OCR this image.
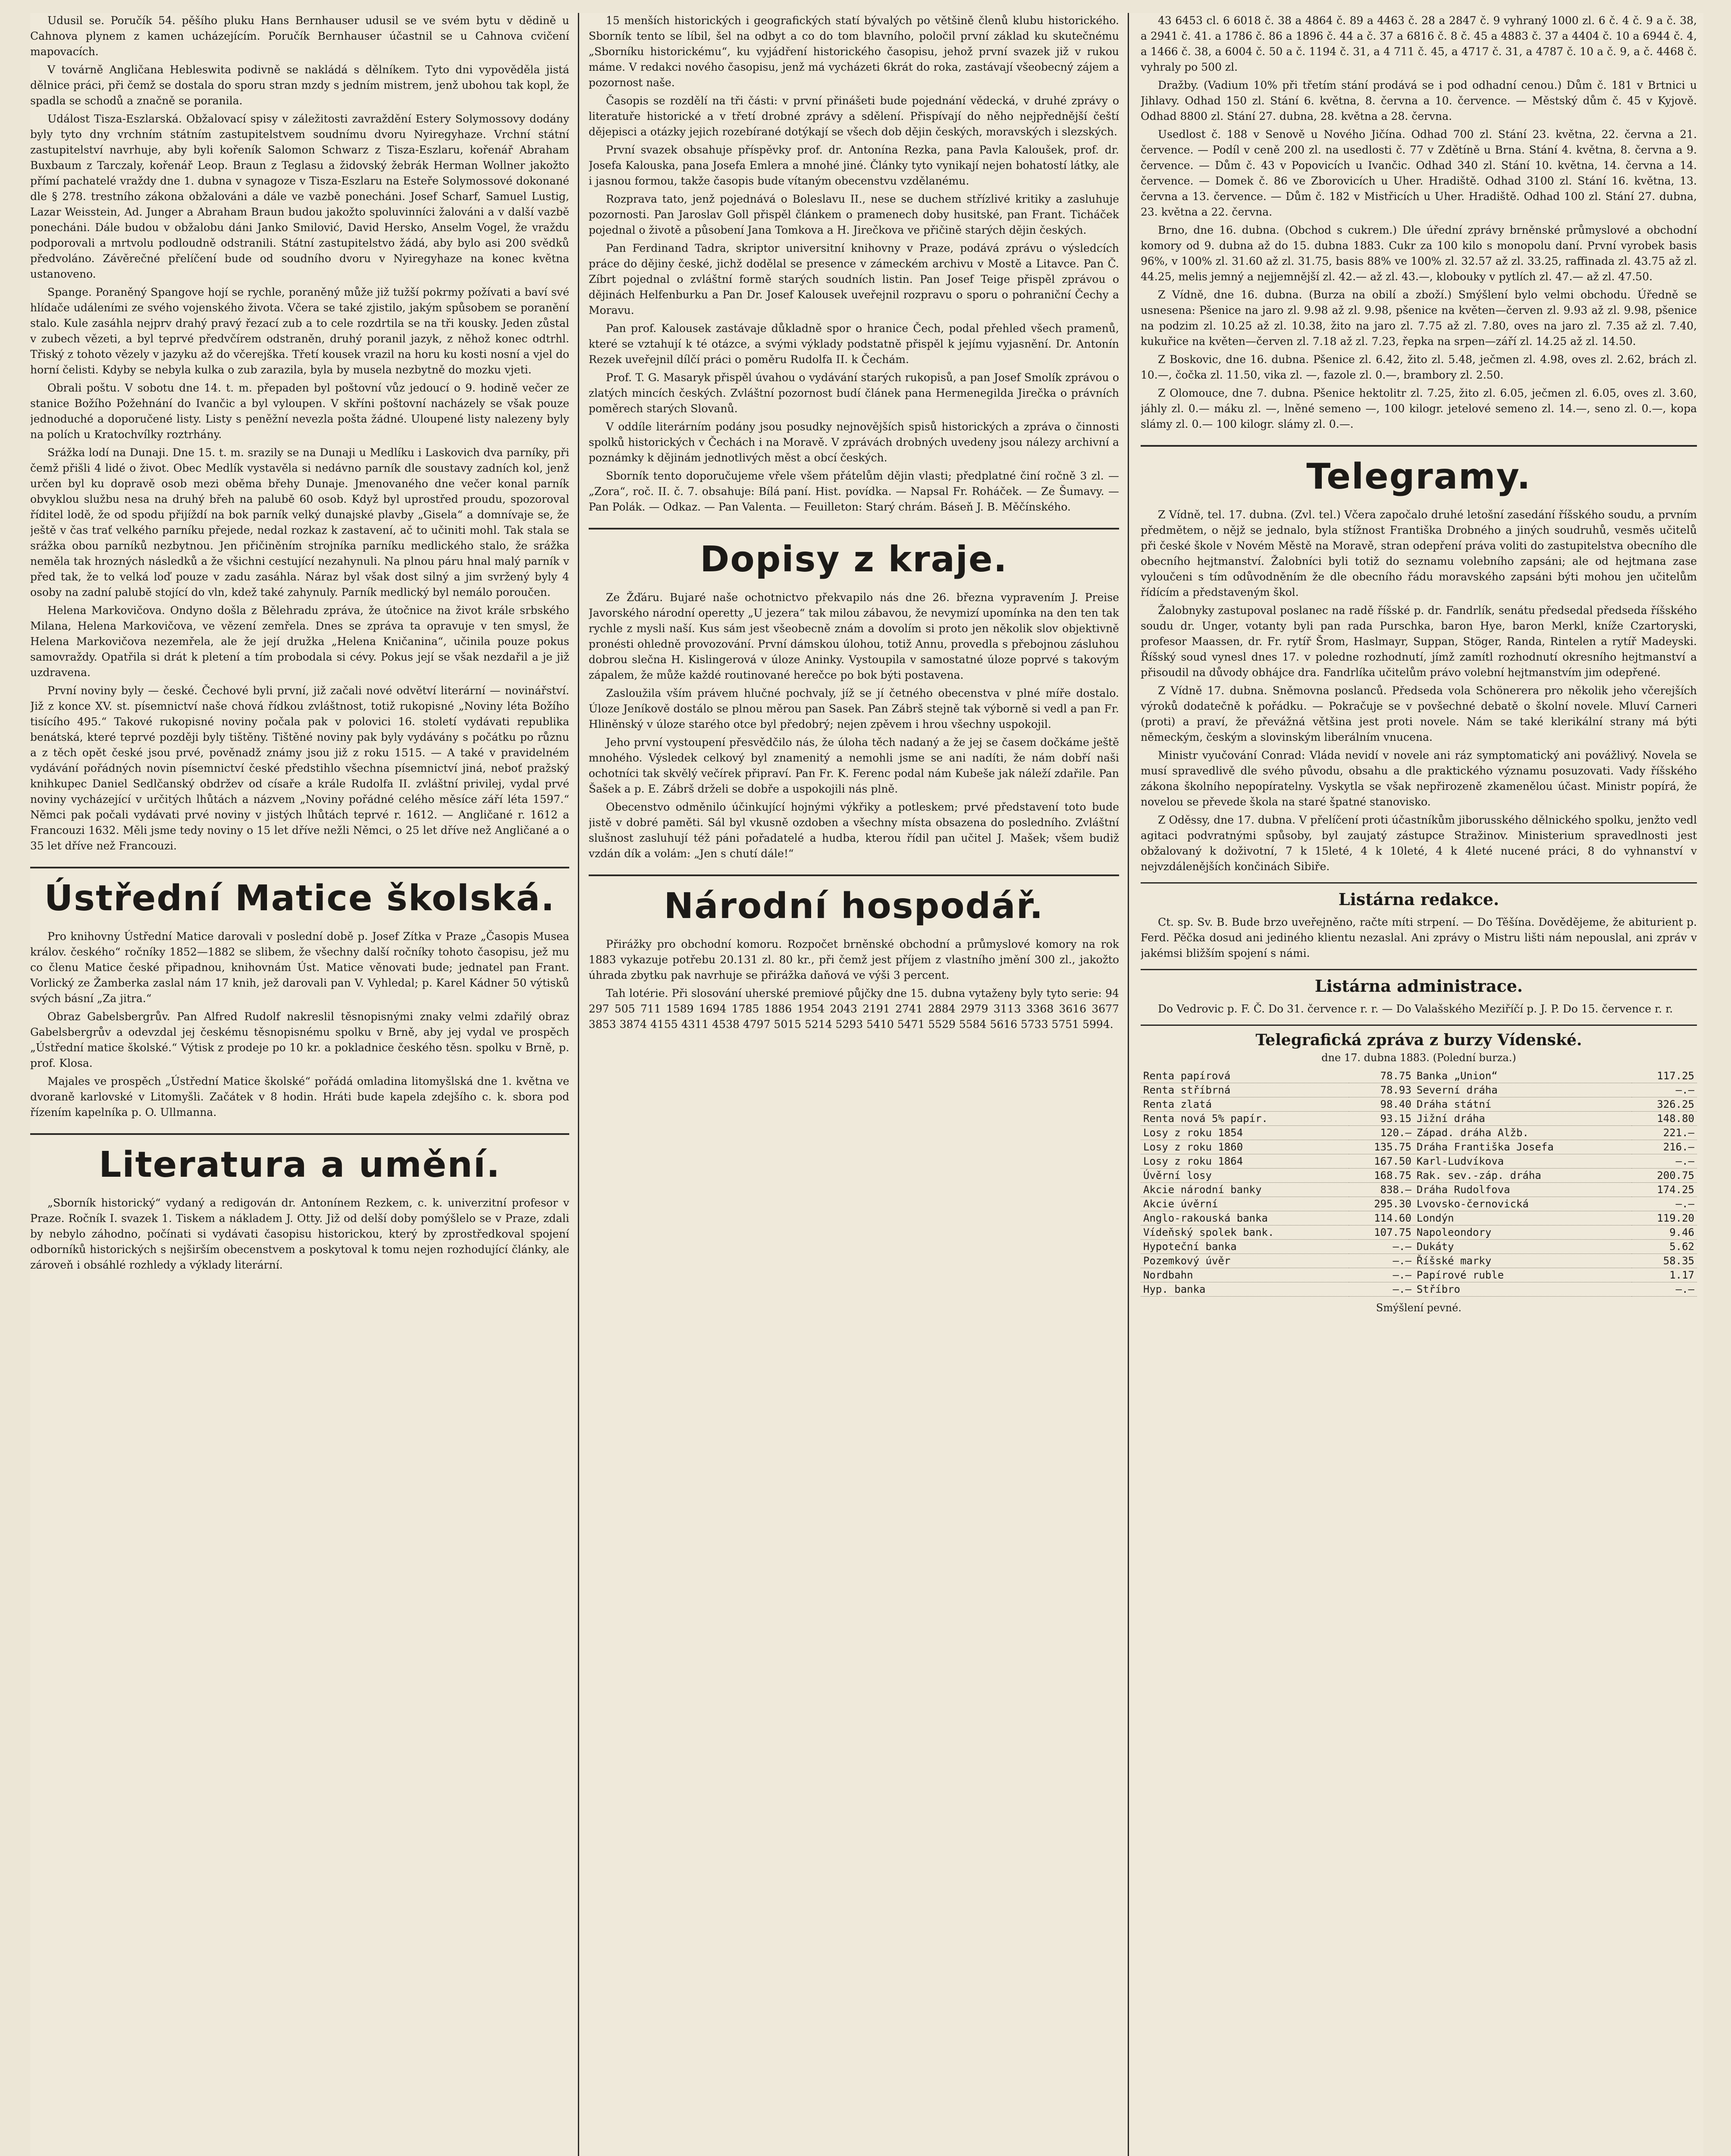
Udusil se. Poručík 54. pěšího pluku Hans Bernhauser udusil se ve svém bytu v dědině u Cahnova plynem z kamen ucházejícím. Poručík Bernhauser účastnil se u Cahnova cvičení mapovacích.

V továrně Angličana Hebleswita podivně se nakládá s dělníkem. Tyto dni vypověděla jistá dělnice práci, při čemž se dostala do sporu stran mzdy s jedním mistrem, jenž ubohou tak kopl, že spadla se schodů a značně se poranila.

Událost Tisza-Eszlarská. Obžalovací spisy v záležitosti zavraždění Estery Solymossovy dodány byly tyto dny vrchním státním zastupitelstvem soudnímu dvoru Nyiregyhaze. Vrchní státní zastupitelství navrhuje, aby byli kořeník Salomon Schwarz z Tisza-Eszlaru, kořenář Abraham Buxbaum z Tarczaly, kořenář Leop. Braun z Teglasu a židovský žebrák Herman Wollner jakožto přímí pachatelé vraždy dne 1. dubna v synagoze v Tisza-Eszlaru na Esteře Solymossové dokonané dle § 278. trestního zákona obžalováni a dále ve vazbě ponecháni. Josef Scharf, Samuel Lustig, Lazar Weisstein, Ad. Junger a Abraham Braun budou jakožto spoluvinníci žalováni a v další vazbě ponecháni. Dále budou v obžalobu dáni Janko Smilović, David Hersko, Anselm Vogel, že vraždu podporovali a mrtvolu podloudně odstranili. Státní zastupitelstvo žádá, aby bylo asi 200 svědků předvoláno. Závěrečné přelíčení bude od soudního dvoru v Nyiregyhaze na konec května ustanoveno.

Spange. Poraněný Spangove hojí se rychle, poraněný může již tužší pokrmy požívati a baví své hlídače událeními ze svého vojenského života. Včera se také zjistilo, jakým spůsobem se poranění stalo. Kule zasáhla nejprv drahý pravý řezací zub a to cele rozdrtila se na tři kousky. Jeden zůstal v zubech vězeti, a byl teprvé předvčírem odstraněn, druhý poranil jazyk, z něhož konec odtrhl. Třiský z tohoto vězely v jazyku až do včerejška. Třetí kousek vrazil na horu ku kosti nosní a vjel do horní čelisti. Kdyby se nebyla kulka o zub zarazila, byla by musela nezbytně do mozku vjeti.

Obrali poštu. V sobotu dne 14. t. m. přepaden byl poštovní vůz jedoucí o 9. hodině večer ze stanice Božího Požehnání do Ivančic a byl vyloupen. V skříni poštovní nacházely se však pouze jednoduché a doporučené listy. Listy s peněžní nevezla pošta žádné. Uloupené listy nalezeny byly na polích u Kratochvílky roztrhány.

Srážka lodí na Dunaji. Dne 15. t. m. srazily se na Dunaji u Medlíku i Laskovich dva parníky, při čemž přišli 4 lidé o život. Obec Medlík vystavěla si nedávno parník dle soustavy zadních kol, jenž určen byl ku dopravě osob mezi oběma břehy Dunaje. Jmenovaného dne večer konal parník obvyklou službu nesa na druhý břeh na palubě 60 osob. Když byl uprostřed proudu, spozoroval říditel lodě, že od spodu přijíždí na bok parník velký dunajské plavby „Gisela“ a domnívaje se, že ještě v čas trať velkého parníku přejede, nedal rozkaz k zastavení, ač to učiniti mohl. Tak stala se srážka obou parníků nezbytnou. Jen přičiněním strojníka parníku medlického stalo, že srážka neměla tak hrozných následků a že všichni cestující nezahynuli. Na plnou páru hnal malý parník v před tak, že to velká loď pouze v zadu zasáhla. Náraz byl však dost silný a jim svržený byly 4 osoby na zadní palubě stojící do vln, kdež také zahynuly. Parník medlický byl nemálo poroučen.

Helena Markovičova. Ondyno došla z Bělehradu zpráva, že útočnice na život krále srbského Milana, Helena Markovičova, ve vězení zemřela. Dnes se zpráva ta opravuje v ten smysl, že Helena Markovičova nezemřela, ale že její družka „Helena Kničanina“, učinila pouze pokus samovraždy. Opatřila si drát k pletení a tím probodala si cévy. Pokus její se však nezdařil a je již uzdravena.

První noviny byly — české. Čechové byli první, již začali nové odvětví literární — novinářství. Již z konce XV. st. písemnictví naše chová řídkou zvláštnost, totiž rukopisné „Noviny léta Božího tisícího 495.“ Takové rukopisné noviny počala pak v polovici 16. století vydávati republika benátská, které teprvé později byly tištěny. Tištěné noviny pak byly vydávány s počátku po různu a z těch opět české jsou prvé, pověnadž známy jsou již z roku 1515. — A také v pravidelném vydávání pořádných novin písemnictví české předstihlo všechna písemnictví jiná, neboť pražský knihkupec Daniel Sedlčanský obdržev od císaře a krále Rudolfa II. zvláštní privilej, vydal prvé noviny vycházející v určitých lhůtách a názvem „Noviny pořádné celého měsíce září léta 1597.“ Němci pak počali vydávati prvé noviny v jistých lhůtách teprvé r. 1612. — Angličané r. 1612 a Francouzi 1632. Měli jsme tedy noviny o 15 let dříve nežli Němci, o 25 let dříve než Angličané a o 35 let dříve než Francouzi.

Ústřední Matice školská.

Pro knihovny Ústřední Matice darovali v poslední době p. Josef Zítka v Praze „Časopis Musea králov. českého“ ročníky 1852—1882 se slibem, že všechny další ročníky tohoto časopisu, jež mu co členu Matice české připadnou, knihovnám Úst. Matice věnovati bude; jednatel pan Frant. Vorlický ze Žamberka zaslal nám 17 knih, jež darovali pan V. Vyhledal; p. Karel Kádner 50 výtisků svých básní „Za jitra.“

Obraz Gabelsbergrův. Pan Alfred Rudolf nakreslil těsnopisnými znaky velmi zdařilý obraz Gabelsbergrův a odevzdal jej českému těsnopisnému spolku v Brně, aby jej vydal ve prospěch „Ústřední matice školské.“ Výtisk z prodeje po 10 kr. a pokladnice českého těsn. spolku v Brně, p. prof. Klosa.

Majales ve prospěch „Ústřední Matice školské“ pořádá omladina litomyšlská dne 1. května ve dvoraně karlovské v Litomyšli. Začátek v 8 hodin. Hráti bude kapela zdejšího c. k. sbora pod řízením kapelníka p. O. Ullmanna.

Literatura a umění.

„Sborník historický“ vydaný a redigován dr. Antonínem Rezkem, c. k. univerzitní profesor v Praze. Ročník I. svazek 1. Tiskem a nákladem J. Otty. Již od delší doby pomýšlelo se v Praze, zdali by nebylo záhodno, počínati si vydávati časopisu historickou, který by zprostředkoval spojení odborníků historických s nejširším obecenstvem a poskytoval k tomu nejen rozhodující články, ale zároveň i obsáhlé rozhledy a výklady literární.

15 menších historických i geografických statí bývalých po většině členů klubu historického. Sborník tento se líbil, šel na odbyt a co do tom blavního, poločil první základ ku skutečnému „Sborníku historickému“, ku vyjádření historického časopisu, jehož první svazek již v rukou máme. V redakci nového časopisu, jenž má vycházeti 6krát do roka, zastávají všeobecný zájem a pozornost naše.

Časopis se rozdělí na tři části: v první přinášeti bude pojednání vědecká, v druhé zprávy o literatuře historické a v třetí drobné zprávy a sdělení. Přispívají do něho nejpřednější čeští dějepisci a otázky jejich rozebírané dotýkají se všech dob dějin českých, moravských i slezských.

První svazek obsahuje příspěvky prof. dr. Antonína Rezka, pana Pavla Kaloušek, prof. dr. Josefa Kalouska, pana Josefa Emlera a mnohé jiné. Články tyto vynikají nejen bohatostí látky, ale i jasnou formou, takže časopis bude vítaným obecenstvu vzdělanému.

Rozprava tato, jenž pojednává o Boleslavu II., nese se duchem střízlivé kritiky a zasluhuje pozornosti. Pan Jaroslav Goll přispěl článkem o pramenech doby husitské, pan Frant. Ticháček pojednal o životě a působení Jana Tomkova a H. Jirečkova ve přičině starých dějin českých.

Pan Ferdinand Tadra, skriptor universitní knihovny v Praze, podává zprávu o výsledcích práce do dějiny české, jichž dodělal se presence v zámeckém archivu v Mostě a Litavce. Pan Č. Zíbrt pojednal o zvláštní formě starých soudních listin. Pan Josef Teige přispěl zprávou o dějinách Helfenburku a Pan Dr. Josef Kalousek uveřejnil rozpravu o sporu o pohraniční Čechy a Moravu.

Pan prof. Kalousek zastávaje důkladně spor o hranice Čech, podal přehled všech pramenů, které se vztahují k té otázce, a svými výklady podstatně přispěl k jejímu vyjasnění. Dr. Antonín Rezek uveřejnil dílčí práci o poměru Rudolfa II. k Čechám.

Prof. T. G. Masaryk přispěl úvahou o vydávání starých rukopisů, a pan Josef Smolík zprávou o zlatých mincích českých. Zvláštní pozornost budí článek pana Hermenegilda Jirečka o právních poměrech starých Slovanů.

V oddíle literárním podány jsou posudky nejnovějších spisů historických a zpráva o činnosti spolků historických v Čechách i na Moravě. V zprávách drobných uvedeny jsou nálezy archivní a poznámky k dějinám jednotlivých měst a obcí českých.

Sborník tento doporučujeme vřele všem přátelům dějin vlasti; předplatné činí ročně 3 zl. — „Zora“, roč. II. č. 7. obsahuje: Bílá paní. Hist. povídka. — Napsal Fr. Roháček. — Ze Šumavy. — Pan Polák. — Odkaz. — Pan Valenta. — Feuilleton: Starý chrám. Báseň J. B. Měčínského.

Dopisy z kraje.

Ze Žďáru. Bujaré naše ochotnictvo překvapilo nás dne 26. března vypravením J. Preise Javorského národní operetty „U jezera“ tak milou zábavou, že nevymizí upomínka na den ten tak rychle z mysli naší. Kus sám jest všeobecně znám a dovolím si proto jen několik slov objektivně pronésti ohledně provozování. První dámskou úlohou, totiž Annu, provedla s přebojnou zásluhou dobrou slečna H. Kislingerová v úloze Aninky. Vystoupila v samostatné úloze poprvé s takovým zápalem, že může každé routinované herečce po bok býti postavena.

Zasloužila vším právem hlučné pochvaly, jíž se jí četného obecenstva v plné míře dostalo. Úloze Jeníkově dostálo se plnou měrou pan Sasek. Pan Zábrš stejně tak výborně si vedl a pan Fr. Hliněnský v úloze starého otce byl předobrý; nejen zpěvem i hrou všechny uspokojil.

Jeho první vystoupení přesvědčilo nás, že úloha těch nadaný a že jej se časem dočkáme ještě mnohého. Výsledek celkový byl znamenitý a nemohli jsme se ani nadíti, že nám dobří naši ochotníci tak skvělý večírek připraví. Pan Fr. K. Ferenc podal nám Kubeše jak náleží zdařile. Pan Šašek a p. E. Zábrš drželi se dobře a uspokojili nás plně.

Obecenstvo odměnilo účinkující hojnými výkřiky a potleskem; prvé představení toto bude jistě v dobré paměti. Sál byl vkusně ozdoben a všechny místa obsazena do posledního. Zvláštní slušnost zasluhují též páni pořadatelé a hudba, kterou řídil pan učitel J. Mašek; všem budiž vzdán dík a volám: „Jen s chutí dále!“

Národní hospodář.

Přirážky pro obchodní komoru. Rozpočet brněnské obchodní a průmyslové komory na rok 1883 vykazuje potřebu 20.131 zl. 80 kr., při čemž jest příjem z vlastního jmění 300 zl., jakožto úhrada zbytku pak navrhuje se přirážka daňová ve výši 3 percent.

Tah lotérie. Při slosování uherské premiové půjčky dne 15. dubna vytaženy byly tyto serie: 94 297 505 711 1589 1694 1785 1886 1954 2043 2191 2741 2884 2979 3113 3368 3616 3677 3853 3874 4155 4311 4538 4797 5015 5214 5293 5410 5471 5529 5584 5616 5733 5751 5994.

43 6453 cl. 6 6018 č. 38 a 4864 č. 89 a 4463 č. 28 a 2847 č. 9 vyhraný 1000 zl. 6 č. 4 č. 9 a č. 38, a 2941 č. 41. a 1786 č. 86 a 1896 č. 44 a č. 37 a 6816 č. 8 č. 45 a 4883 č. 37 a 4404 č. 10 a 6944 č. 4, a 1466 č. 38, a 6004 č. 50 a č. 1194 č. 31, a 4 711 č. 45, a 4717 č. 31, a 4787 č. 10 a č. 9, a č. 4468 č. vyhraly po 500 zl.

Dražby. (Vadium 10% při třetím stání prodává se i pod odhadní cenou.) Dům č. 181 v Brtnici u Jihlavy. Odhad 150 zl. Stání 6. května, 8. června a 10. července. — Městský dům č. 45 v Kyjově. Odhad 8800 zl. Stání 27. dubna, 28. května a 28. června.

Usedlost č. 188 v Senově u Nového Jičína. Odhad 700 zl. Stání 23. května, 22. června a 21. července. — Podíl v ceně 200 zl. na usedlosti č. 77 v Zdětíně u Brna. Stání 4. května, 8. června a 9. července. — Dům č. 43 v Popovicích u Ivančic. Odhad 340 zl. Stání 10. května, 14. června a 14. července. — Domek č. 86 ve Zborovicích u Uher. Hradiště. Odhad 3100 zl. Stání 16. května, 13. června a 13. července. — Dům č. 182 v Mistřicích u Uher. Hradiště. Odhad 100 zl. Stání 27. dubna, 23. května a 22. června.

Brno, dne 16. dubna. (Obchod s cukrem.) Dle úřední zprávy brněnské průmyslové a obchodní komory od 9. dubna až do 15. dubna 1883. Cukr za 100 kilo s monopolu daní. První vyrobek basis 96%, v 100% zl. 31.60 až zl. 31.75, basis 88% ve 100% zl. 32.57 až zl. 33.25, raffinada zl. 43.75 až zl. 44.25, melis jemný a nejjemnější zl. 42.— až zl. 43.—, klobouky v pytlích zl. 47.— až zl. 47.50.

Z Vídně, dne 16. dubna. (Burza na obilí a zboží.) Smýšlení bylo velmi obchodu. Úředně se usnesena: Pšenice na jaro zl. 9.98 až zl. 9.98, pšenice na květen—červen zl. 9.93 až zl. 9.98, pšenice na podzim zl. 10.25 až zl. 10.38, žito na jaro zl. 7.75 až zl. 7.80, oves na jaro zl. 7.35 až zl. 7.40, kukuřice na květen—červen zl. 7.18 až zl. 7.23, řepka na srpen—září zl. 14.25 až zl. 14.50.

Z Boskovic, dne 16. dubna. Pšenice zl. 6.42, žito zl. 5.48, ječmen zl. 4.98, oves zl. 2.62, brách zl. 10.—, čočka zl. 11.50, vika zl. —, fazole zl. 0.—, brambory zl. 2.50.

Z Olomouce, dne 7. dubna. Pšenice hektolitr zl. 7.25, žito zl. 6.05, ječmen zl. 6.05, oves zl. 3.60, jáhly zl. 0.— máku zl. —, lněné semeno —, 100 kilogr. jetelové semeno zl. 14.—, seno zl. 0.—, kopa slámy zl. 0.— 100 kilogr. slámy zl. 0.—.

Telegramy.

Z Vídně, tel. 17. dubna. (Zvl. tel.) Včera započalo druhé letošní zasedání říšského soudu, a prvním předmětem, o nějž se jednalo, byla stížnost Františka Drobného a jiných soudruhů, vesměs učitelů při české škole v Novém Městě na Moravě, stran odepření práva voliti do zastupitelstva obecního dle obecního hejtmanství. Žalobníci byli totiž do seznamu volebního zapsáni; ale od hejtmana zase vyloučeni s tím odůvodněním že dle obecního řádu moravského zapsáni býti mohou jen učitelům řídícím a představeným škol.

Žalobnyky zastupoval poslanec na radě říšské p. dr. Fandrlík, senátu předsedal předseda říšského soudu dr. Unger, votanty byli pan rada Purschka, baron Hye, baron Merkl, kníže Czartoryski, profesor Maassen, dr. Fr. rytíř Šrom, Haslmayr, Suppan, Stöger, Randa, Rintelen a rytíř Madeyski. Říšský soud vynesl dnes 17. v poledne rozhodnutí, jímž zamítl rozhodnutí okresního hejtmanství a přisoudil na důvody obhájce dra. Fandrlíka učitelům právo volební hejtmanstvím jim odepřené.

Z Vídně 17. dubna. Sněmovna poslanců. Předseda vola Schönerera pro několik jeho včerejších výroků dodatečně k pořádku. — Pokračuje se v povšechné debatě o školní novele. Mluví Carneri (proti) a praví, že převážná většina jest proti novele. Nám se také klerikální strany má býti německým, českým a slovinským liberálním vnucena.

Ministr vyučování Conrad: Vláda nevidí v novele ani ráz symptomatický ani povážlivý. Novela se musí spravedlivě dle svého původu, obsahu a dle praktického významu posuzovati. Vady říšského zákona školního nepopíratelny. Vyskytla se však nepřirozeně zkamenělou účast. Ministr popírá, že novelou se převede škola na staré špatné stanovisko.

Z Oděssy, dne 17. dubna. V přelíčení proti účastníkům jiborusského dělnického spolku, jenžto vedl agitaci podvratnými spůsoby, byl zaujatý zástupce Stražinov. Ministerium spravedlnosti jest obžalovaný k doživotní, 7 k 15leté, 4 k 10leté, 4 k 4leté nucené práci, 8 do vyhnanství v nejvzdálenějších končinách Sibiře.

Listárna redakce.

Ct. sp. Sv. B. Bude brzo uveřejněno, račte míti strpení. — Do Těšína. Dovědějeme, že abiturient p. Ferd. Pěčka dosud ani jediného klientu nezaslal. Ani zprávy o Mistru lišti nám nepouslal, ani zpráv v jakémsi bližším spojení s námi.

Listárna administrace.

Do Vedrovic p. F. Č. Do 31. července r. r. — Do Valašského Meziříčí p. J. P. Do 15. července r. r.

Telegrafická zpráva z burzy Vídenské.
dne 17. dubna 1883. (Polední burza.)
Renta papírová	78.75	Banka „Union“	117.25
Renta stříbrná	78.93	Severní dráha	—.—
Renta zlatá	98.40	Dráha státní	326.25
Renta nová 5% papír.	93.15	Jižní dráha	148.80
Losy z roku 1854	120.—	Západ. dráha Alžb.	221.—
Losy z roku 1860	135.75	Dráha Františka Josefa	216.—
Losy z roku 1864	167.50	Karl-Ludvíkova	—.—
Úvěrní losy	168.75	Rak. sev.-záp. dráha	200.75
Akcie národní banky	838.—	Dráha Rudolfova	174.25
Akcie úvěrní	295.30	Lvovsko-černovická	—.—
Anglo-rakouská banka	114.60	Londýn	119.20
Vídeňský spolek bank.	107.75	Napoleondory	9.46
Hypoteční banka	—.—	Dukáty	5.62
Pozemkový úvěr	—.—	Říšské marky	58.35
Nordbahn	—.—	Papírové ruble	1.17
Hyp. banka	—.—	Stříbro	—.—
Smýšlení pevné.
